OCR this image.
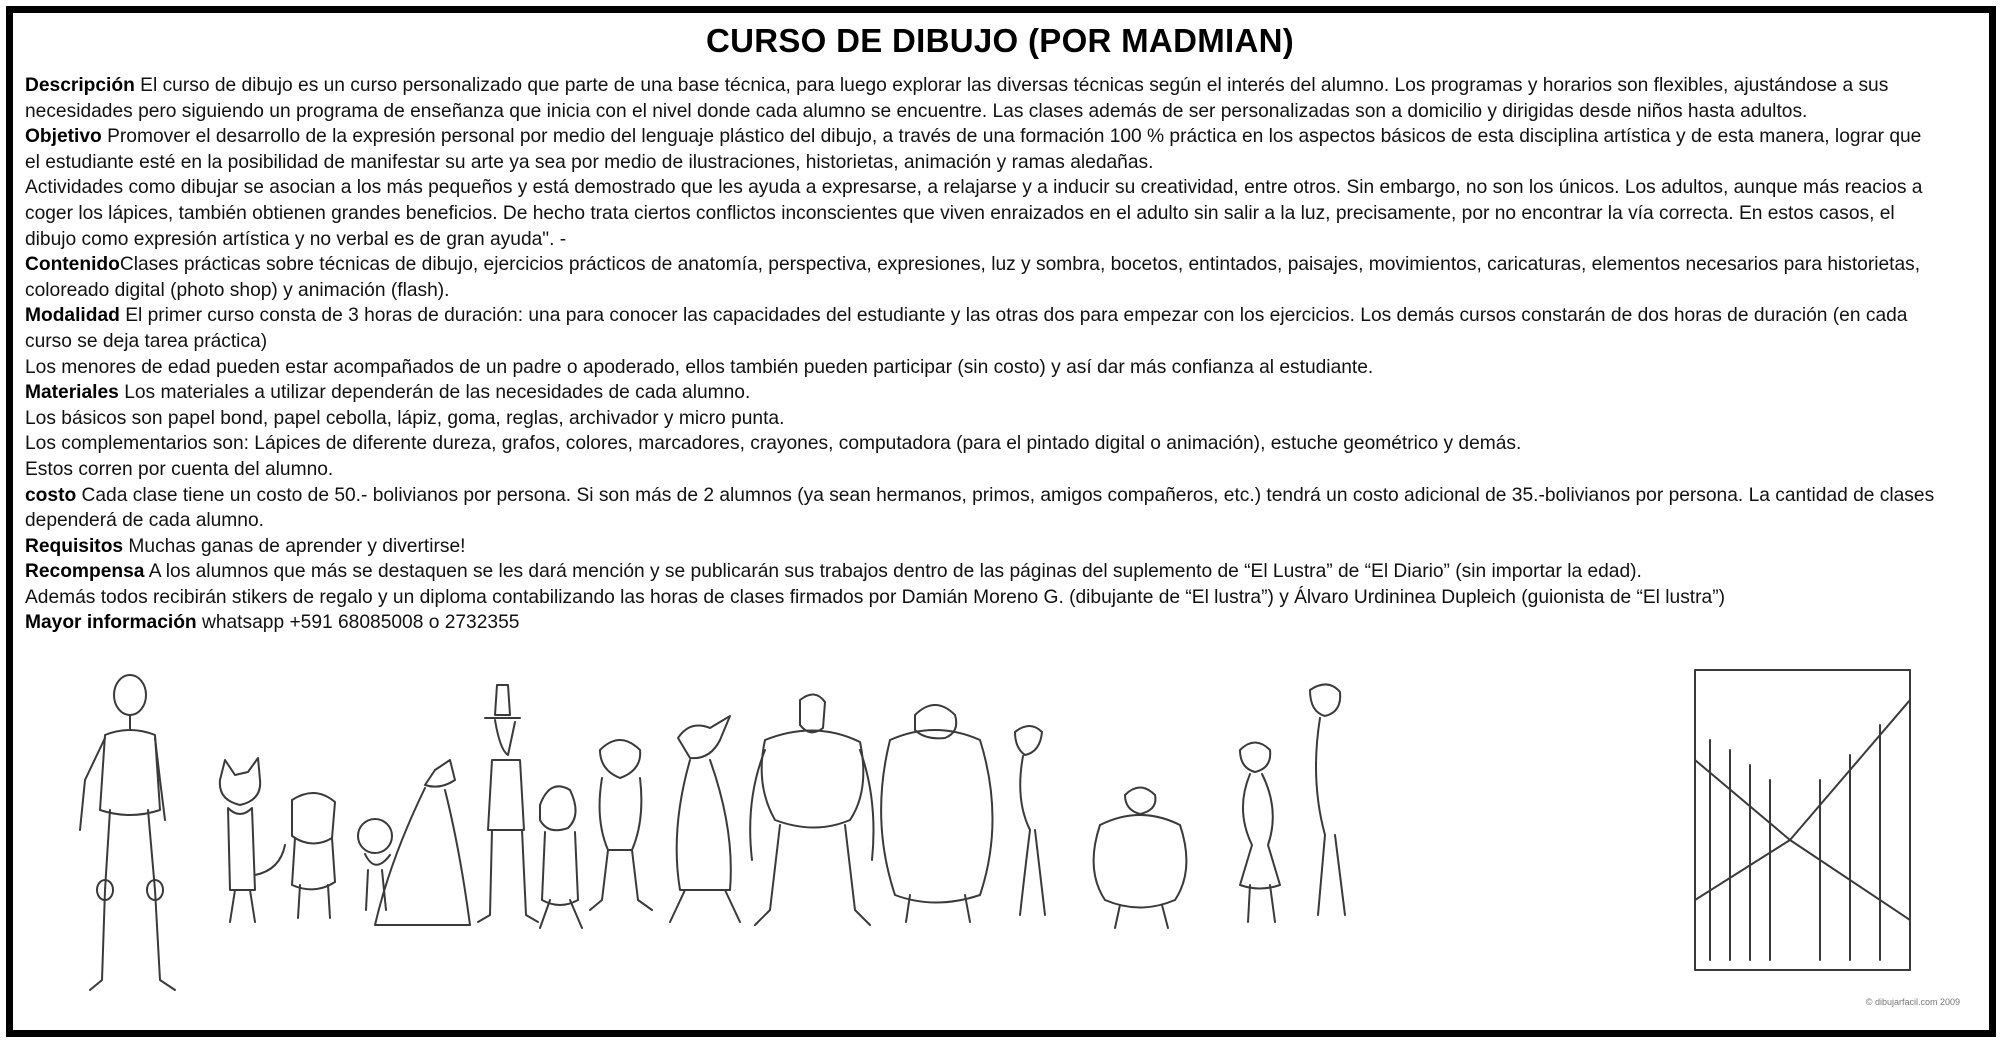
CURSO DE DIBUJO (POR MADMIAN)

Descripción El curso de dibujo es un curso personalizado que parte de una base técnica, para luego explorar las diversas técnicas según el interés del alumno. Los programas y horarios son flexibles, ajustándose a sus necesidades pero siguiendo un programa de enseñanza que inicia con el nivel donde cada alumno se encuentre. Las clases además de ser personalizadas son a domicilio y dirigidas desde niños hasta adultos.

Objetivo Promover el desarrollo de la expresión personal por medio del lenguaje plástico del dibujo, a través de una formación 100 % práctica en los aspectos básicos de esta disciplina artística y de esta manera, lograr que el estudiante esté en la posibilidad de manifestar su arte ya sea por medio de ilustraciones, historietas, animación y ramas aledañas.

Actividades como dibujar se asocian a los más pequeños y está demostrado que les ayuda a expresarse, a relajarse y a inducir su creatividad, entre otros. Sin embargo, no son los únicos. Los adultos, aunque más reacios a coger los lápices, también obtienen grandes beneficios. De hecho trata ciertos conflictos inconscientes que viven enraizados en el adulto sin salir a la luz, precisamente, por no encontrar la vía correcta. En estos casos, el dibujo como expresión artística y no verbal es de gran ayuda". -

ContenidoClases prácticas sobre técnicas de dibujo, ejercicios prácticos de anatomía, perspectiva, expresiones, luz y sombra, bocetos, entintados, paisajes, movimientos, caricaturas, elementos necesarios para historietas, coloreado digital (photo shop) y animación (flash).

Modalidad El primer curso consta de 3 horas de duración: una para conocer las capacidades del estudiante y las otras dos para empezar con los ejercicios. Los demás cursos constarán de dos horas de duración (en cada curso se deja tarea práctica)

Los menores de edad pueden estar acompañados de un padre o apoderado, ellos también pueden participar (sin costo) y así dar más confianza al estudiante.

Materiales Los materiales a utilizar dependerán de las necesidades de cada alumno.

Los básicos son papel bond, papel cebolla, lápiz, goma, reglas, archivador y micro punta.

Los complementarios son: Lápices de diferente dureza, grafos, colores, marcadores, crayones, computadora (para el pintado digital o animación), estuche geométrico y demás.

Estos corren por cuenta del alumno.

costo Cada clase tiene un costo de 50.- bolivianos por persona. Si son más de 2 alumnos (ya sean hermanos, primos, amigos compañeros, etc.) tendrá un costo adicional de 35.-bolivianos por persona. La cantidad de clases dependerá de cada alumno.

Requisitos Muchas ganas de aprender y divertirse!

Recompensa A los alumnos que más se destaquen se les dará mención y se publicarán sus trabajos dentro de las páginas del suplemento de “El Lustra” de “El Diario” (sin importar la edad).

Además todos recibirán stikers de regalo y un diploma contabilizando las horas de clases firmados por Damián Moreno G. (dibujante de “El lustra”) y Álvaro Urdininea Dupleich (guionista de “El lustra”)

Mayor información whatsapp +591 68085008 o 2732355

© dibujarfacil.com 2009
